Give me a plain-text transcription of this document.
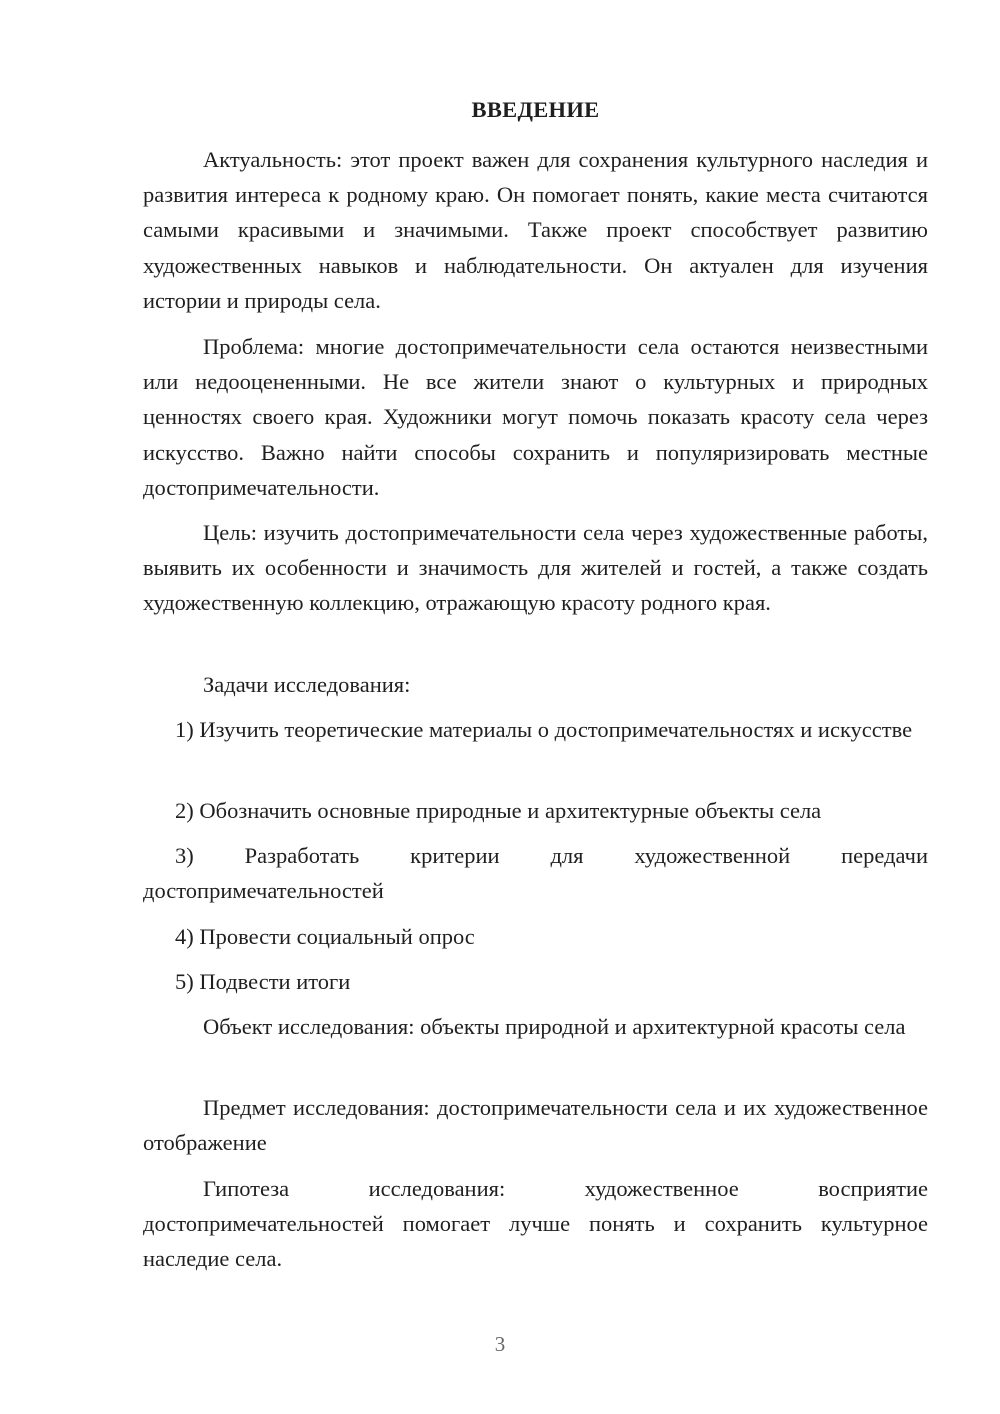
ВВЕДЕНИЕ

Актуальность: этот проект важен для сохранения культурного наследия и развития интереса к родному краю. Он помогает понять, какие места считаются самыми красивыми и значимыми. Также проект способствует развитию художественных навыков и наблюдательности. Он актуален для изучения истории и природы села.

Проблема: многие достопримечательности села остаются неизвестными или недооцененными. Не все жители знают о культурных и природных ценностях своего края. Художники могут помочь показать красоту села через искусство. Важно найти способы сохранить и популяризировать местные достопримечательности.

Цель: изучить достопримечательности села через художественные работы, выявить их особенности и значимость для жителей и гостей, а также создать художественную коллекцию, отражающую красоту родного края.

Задачи исследования:

1) Изучить теоретические материалы о достопримечательностях и искусстве

2) Обозначить основные природные и архитектурные объекты села

3) Разработать критерии для художественной передачи достопримечательностей

4) Провести социальный опрос

5) Подвести итоги

Объект исследования: объекты природной и архитектурной красоты села

Предмет исследования: достопримечательности села и их художественное отображение

Гипотеза исследования: художественное восприятие достопримечательностей помогает лучше понять и сохранить культурное наследие села.

3
